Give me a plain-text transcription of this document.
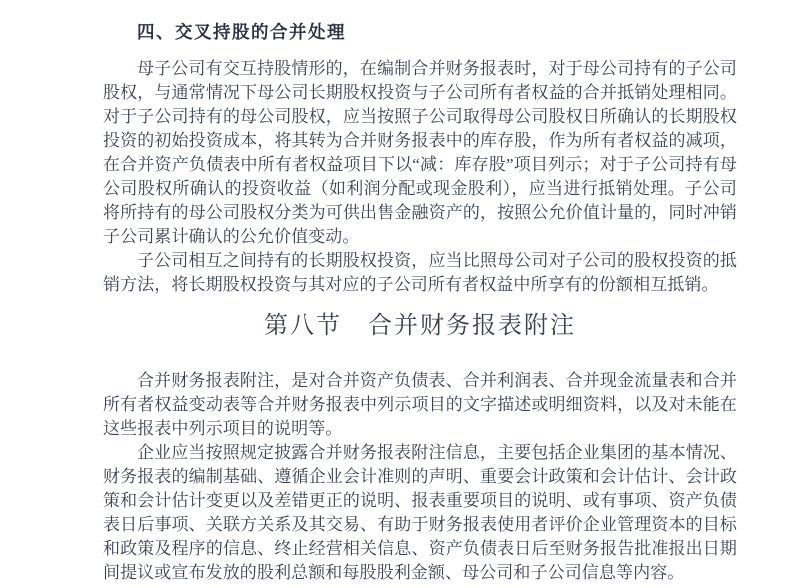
四、交叉持股的合并处理

母子公司有交互持股情形的，在编制合并财务报表时，对于母公司持有的子公司股权，与通常情况下母公司长期股权投资与子公司所有者权益的合并抵销处理相同。对于子公司持有的母公司股权，应当按照子公司取得母公司股权日所确认的长期股权投资的初始投资成本，将其转为合并财务报表中的库存股，作为所有者权益的减项，在合并资产负债表中所有者权益项目下以“减：库存股”项目列示；对于子公司持有母公司股权所确认的投资收益（如利润分配或现金股利），应当进行抵销处理。子公司将所持有的母公司股权分类为可供出售金融资产的，按照公允价值计量的，同时冲销子公司累计确认的公允价值变动。

子公司相互之间持有的长期股权投资，应当比照母公司对子公司的股权投资的抵销方法，将长期股权投资与其对应的子公司所有者权益中所享有的份额相互抵销。

第八节　合并财务报表附注

合并财务报表附注，是对合并资产负债表、合并利润表、合并现金流量表和合并所有者权益变动表等合并财务报表中列示项目的文字描述或明细资料，以及对未能在这些报表中列示项目的说明等。

企业应当按照规定披露合并财务报表附注信息，主要包括企业集团的基本情况、财务报表的编制基础、遵循企业会计准则的声明、重要会计政策和会计估计、会计政策和会计估计变更以及差错更正的说明、报表重要项目的说明、或有事项、资产负债表日后事项、关联方关系及其交易、有助于财务报表使用者评价企业管理资本的目标和政策及程序的信息、终止经营相关信息、资产负债表日后至财务报告批准报出日期间提议或宣布发放的股利总额和每股股利金额、母公司和子公司信息等内容。
